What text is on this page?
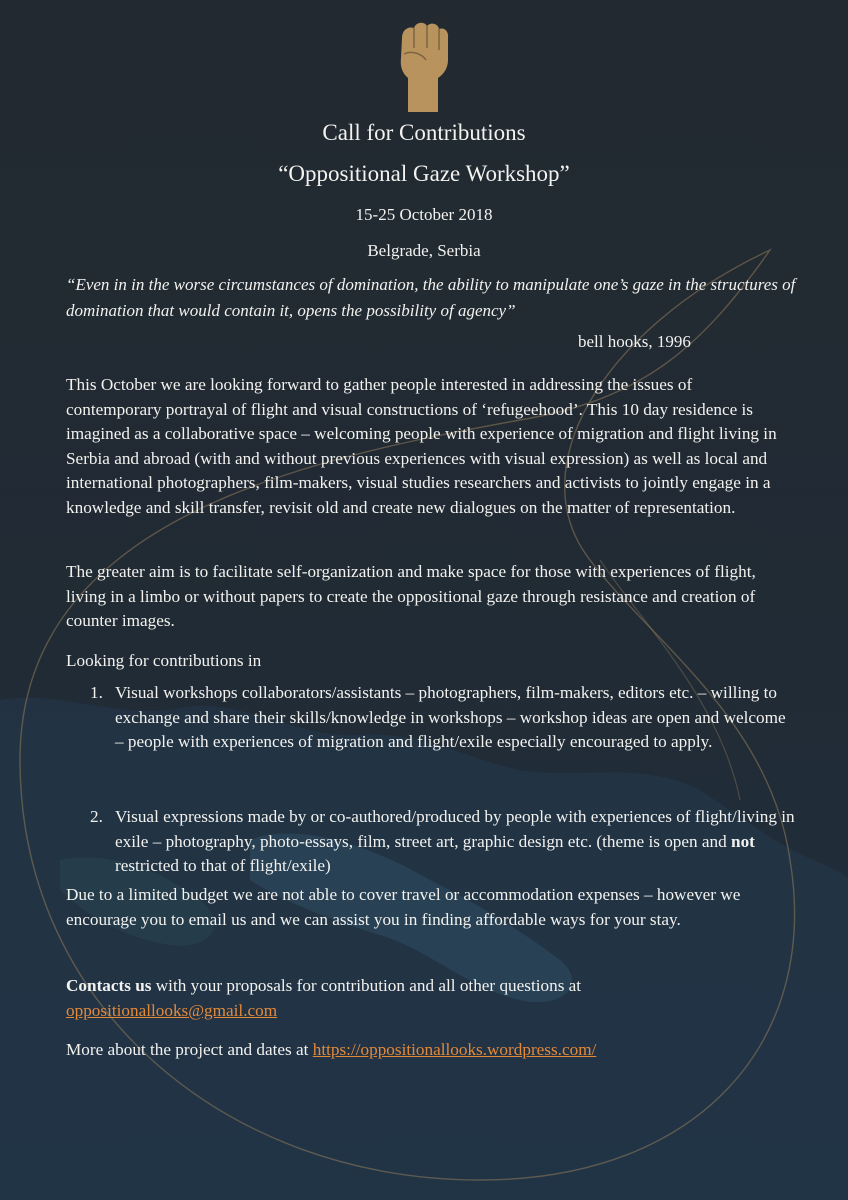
Call for Contributions
“Oppositional Gaze Workshop”
15-25 October 2018
Belgrade, Serbia
“Even in in the worse circumstances of domination, the ability to manipulate one’s gaze in the structures of domination that would contain it, opens the possibility of agency”
bell hooks, 1996

This October we are looking forward to gather people interested in addressing the issues of contemporary portrayal of flight and visual constructions of ‘refugeehood’. This 10 day residence is imagined as a collaborative space – welcoming people with experience of migration and flight living in Serbia and abroad (with and without previous experiences with visual expression) as well as local and international photographers, film-makers, visual studies researchers and activists to jointly engage in a knowledge and skill transfer, revisit old and create new dialogues on the matter of representation.

The greater aim is to facilitate self-organization and make space for those with experiences of flight, living in a limbo or without papers to create the oppositional gaze through resistance and creation of counter images.

Looking for contributions in

1. Visual workshops collaborators/assistants – photographers, film-makers, editors etc. – willing to exchange and share their skills/knowledge in workshops – workshop ideas are open and welcome – people with experiences of migration and flight/exile especially encouraged to apply.
2. Visual expressions made by or co-authored/produced by people with experiences of flight/living in exile – photography, photo-essays, film, street art, graphic design etc. (theme is open and not restricted to that of flight/exile)

Due to a limited budget we are not able to cover travel or accommodation expenses – however we encourage you to email us and we can assist you in finding affordable ways for your stay.

Contacts us with your proposals for contribution and all other questions at
oppositionallooks@gmail.com

More about the project and dates at https://oppositionallooks.wordpress.com/
